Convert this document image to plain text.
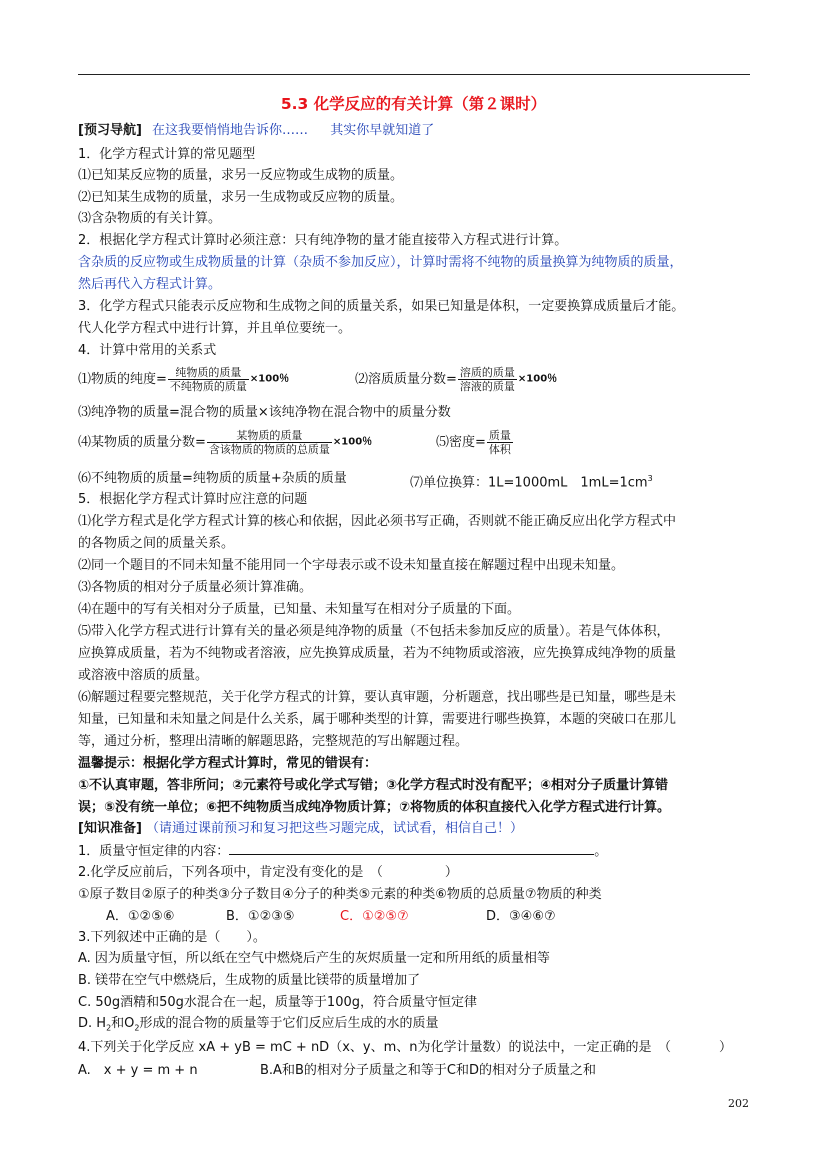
5.3 化学反应的有关计算（第２课时）
[预习导航] 在这我要悄悄地告诉你…… 其实你早就知道了
1．化学方程式计算的常见题型
⑴已知某反应物的质量，求另一反应物或生成物的质量。
⑵已知某生成物的质量，求另一生成物或反应物的质量。
⑶含杂物质的有关计算。
2．根据化学方程式计算时必须注意：只有纯净物的量才能直接带入方程式进行计算。
含杂质的反应物或生成物质量的计算（杂质不参加反应），计算时需将不纯物的质量换算为纯物质的质量，
然后再代入方程式计算。
3．化学方程式只能表示反应物和生成物之间的质量关系，如果已知量是体积，一定要换算成质量后才能。
代人化学方程式中进行计算，并且单位要统一。
4．计算中常用的关系式
⑴物质的纯度= $\frac{\text{纯物质的质量}}{\text{不纯物质的质量}} \times 100$％	⑵溶质质量分数= $\frac{\text{溶质的质量}}{\text{溶液的质量}} \times 100$％
⑶纯净物的质量=混合物的质量×该纯净物在混合物中的质量分数
⑷某物质的质量分数= $\frac{\text{某物质的质量}}{\text{含该物质的物质的总质量}} \times 100$％	⑸密度= $\frac{\text{质量}}{\text{体积}}$
⑹不纯物质的质量=纯物质的质量+杂质的质量	⑺单位换算：1L=1000mL　$1mL=1cm^3$
5．根据化学方程式计算时应注意的问题
⑴化学方程式是化学方程式计算的核心和依据，因此必须书写正确，否则就不能正确反应出化学方程式中
的各物质之间的质量关系。
⑵同一个题目的不同未知量不能用同一个字母表示或不设未知量直接在解题过程中出现未知量。
⑶各物质的相对分子质量必须计算准确。
⑷在题中的写有关相对分子质量，已知量、未知量写在相对分子质量的下面。
⑸带入化学方程式进行计算有关的量必须是纯净物的质量（不包括未参加反应的质量）。若是气体体积，
应换算成质量，若为不纯物或者溶液，应先换算成质量，若为不纯物质或溶液，应先换算成纯净物的质量
或溶液中溶质的质量。
⑹解题过程要完整规范，关于化学方程式的计算，要认真审题，分析题意，找出哪些是已知量，哪些是未
知量，已知量和未知量之间是什么关系，属于哪种类型的计算，需要进行哪些换算，本题的突破口在那儿
等，通过分析，整理出清晰的解题思路，完整规范的写出解题过程。
温馨提示：根据化学方程式计算时，常见的错误有：
①不认真审题，答非所问；②元素符号或化学式写错；③化学方程式时没有配平；④相对分子质量计算错
误；⑤没有统一单位；⑥把不纯物质当成纯净物质计算；⑦将物质的体积直接代入化学方程式进行计算。
[知识准备] （请通过课前预习和复习把这些习题完成，试试看，相信自己！）
1．质量守恒定律的内容：	。
2.化学反应前后，下列各项中，肯定没有变化的是　（	）
①原子数目②原子的种类③分子数目④分子的种类⑤元素的种类⑥物质的总质量⑦物质的种类
A．①②⑤⑥	B．①②③⑤	C．①②⑤⑦	D．③④⑥⑦
3.下列叙述中正确的是（　　）。
A. 因为质量守恒，所以纸在空气中燃烧后产生的灰烬质量一定和所用纸的质量相等
B. 镁带在空气中燃烧后，生成物的质量比镁带的质量增加了
C. 50g酒精和50g水混合在一起，质量等于100g，符合质量守恒定律
D. $H_2$和$O_2$形成的混合物的质量等于它们反应后生成的水的质量
4.下列关于化学反应 xA + yB = mC + nD（x、y、m、n为化学计量数）的说法中，一定正确的是　（	）
A.　x + y = m + n	B.A和B的相对分子质量之和等于C和D的相对分子质量之和
202
